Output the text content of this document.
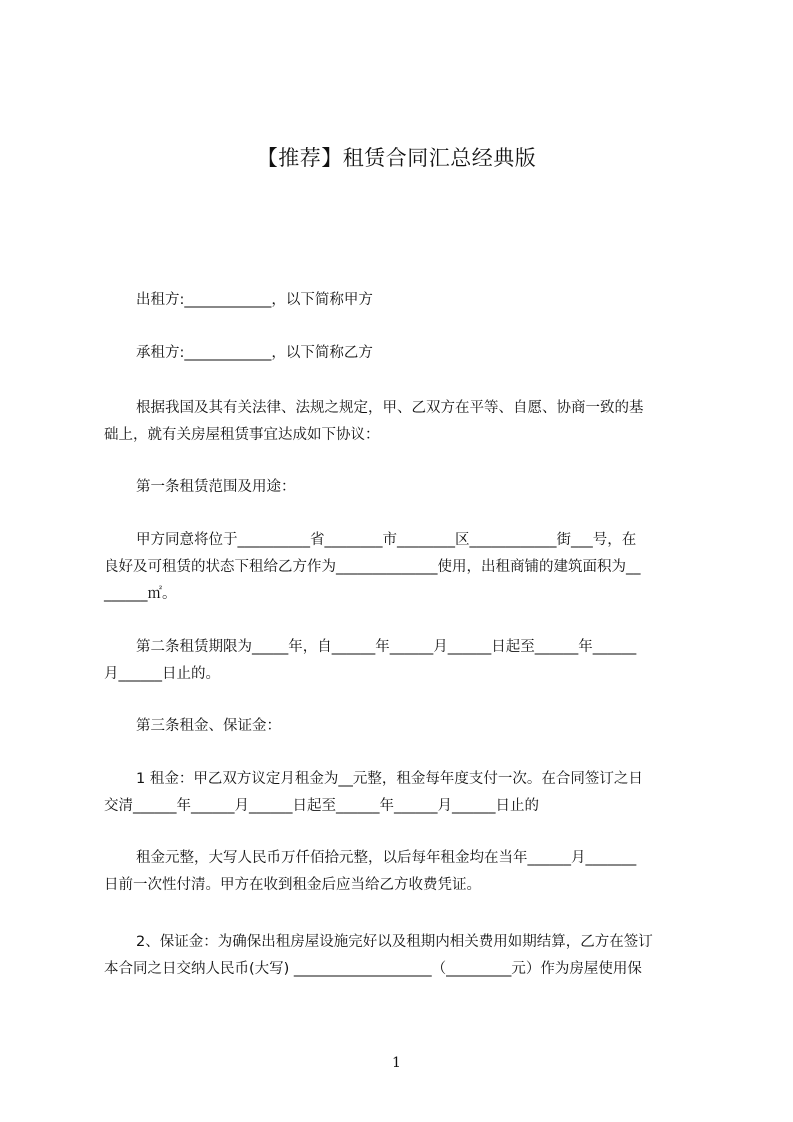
【推荐】租赁合同汇总经典版

出租方:____________，以下简称甲方

承租方:____________，以下简称乙方

根据我国及其有关法律、法规之规定，甲、乙双方在平等、自愿、协商一致的基
础上，就有关房屋租赁事宜达成如下协议：

第一条租赁范围及用途：

甲方同意将位于__________省________市________区____________街___号，在
良好及可租赁的状态下租给乙方作为______________使用，出租商铺的建筑面积为__
______㎡。

第二条租赁期限为_____年，自______年______月______日起至______年______
月______日止的。

第三条租金、保证金：

1 租金：甲乙双方议定月租金为__元整，租金每年度支付一次。在合同签订之日
交清______年______月______日起至______年______月______日止的

租金元整，大写人民币万仟佰拾元整，以后每年租金均在当年______月_______
日前一次性付清。甲方在收到租金后应当给乙方收费凭证。

2、保证金：为确保出租房屋设施完好以及租期内相关费用如期结算，乙方在签订
本合同之日交纳人民币(大写) ___________________（_________元）作为房屋使用保

1
